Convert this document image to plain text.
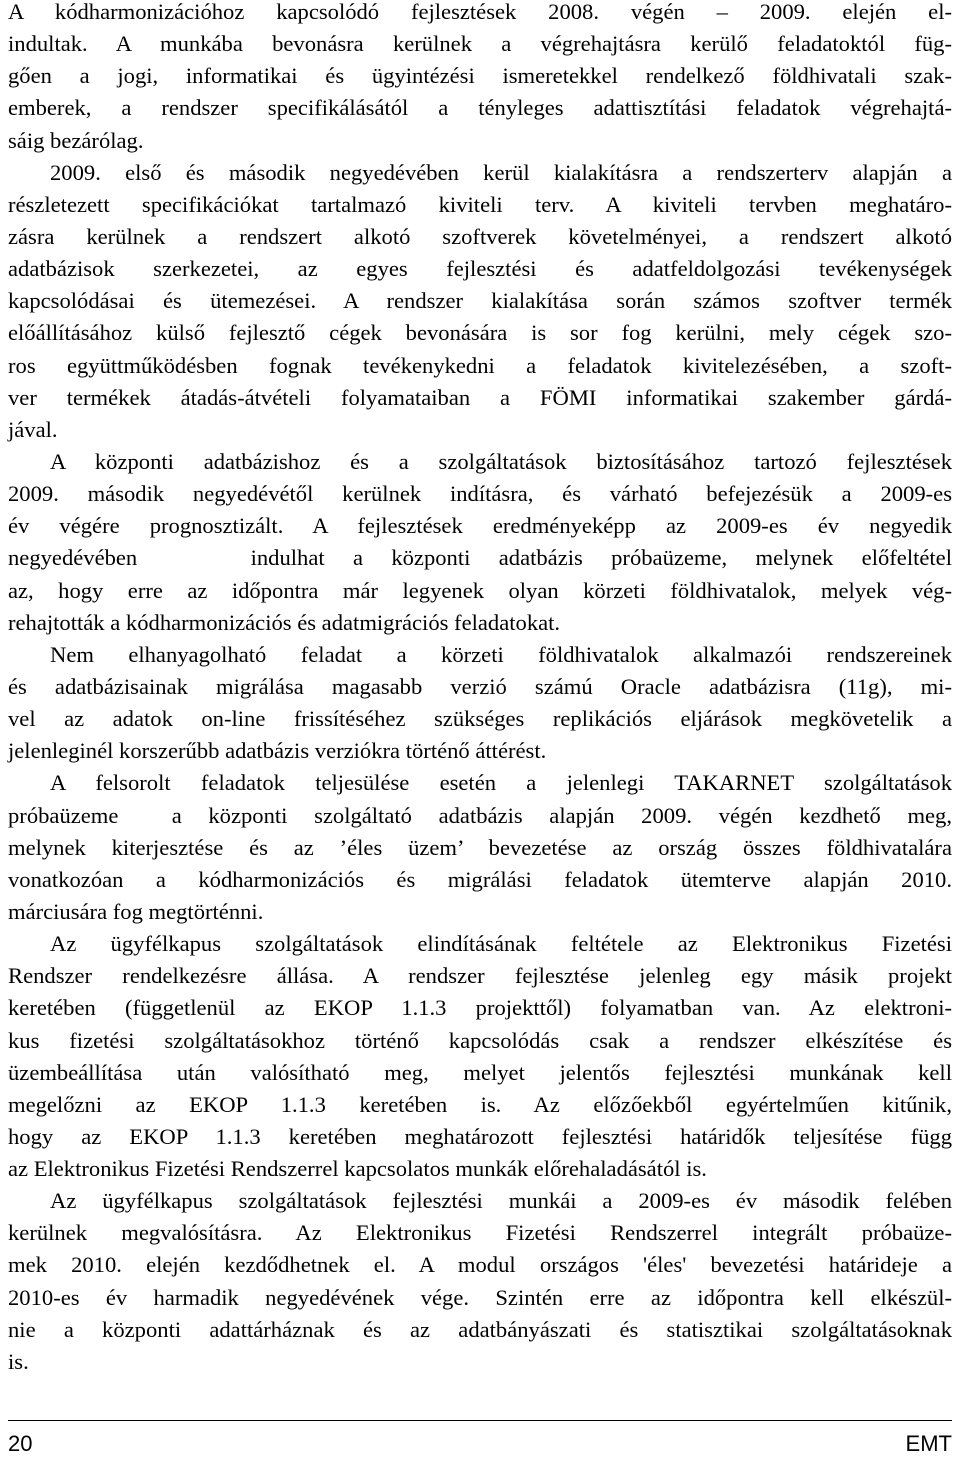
A kódharmonizációhoz kapcsolódó fejlesztések 2008. végén – 2009. elején el-
indultak. A munkába bevonásra kerülnek a végrehajtásra kerülő feladatoktól füg-
gően a jogi, informatikai és ügyintézési ismeretekkel rendelkező földhivatali szak-
emberek, a rendszer specifikálásától a tényleges adattisztítási feladatok végrehajtá-
sáig bezárólag.
2009. első és második negyedévében kerül kialakításra a rendszerterv alapján a
részletezett specifikációkat tartalmazó kiviteli terv. A kiviteli tervben meghatáro-
zásra kerülnek a rendszert alkotó szoftverek követelményei, a rendszert alkotó
adatbázisok szerkezetei, az egyes fejlesztési és adatfeldolgozási tevékenységek
kapcsolódásai és ütemezései. A rendszer kialakítása során számos szoftver termék
előállításához külső fejlesztő cégek bevonására is sor fog kerülni, mely cégek szo-
ros együttműködésben fognak tevékenykedni a feladatok kivitelezésében, a szoft-
ver termékek átadás-átvételi folyamataiban a FÖMI informatikai szakember gárdá-
jával.
A központi adatbázishoz és a szolgáltatások biztosításához tartozó fejlesztések
2009. második negyedévétől kerülnek indításra, és várható befejezésük a 2009-es
év végére prognosztizált. A fejlesztések eredményeképp az 2009-es év negyedik
negyedévében    indulhat a központi adatbázis próbaüzeme, melynek előfeltétel
az, hogy erre az időpontra már legyenek olyan körzeti földhivatalok, melyek vég-
rehajtották a kódharmonizációs és adatmigrációs feladatokat.
Nem elhanyagolható feladat a körzeti földhivatalok alkalmazói rendszereinek
és adatbázisainak migrálása magasabb verzió számú Oracle adatbázisra (11g), mi-
vel az adatok on-line frissítéséhez szükséges replikációs eljárások megkövetelik a
jelenleginél korszerűbb adatbázis verziókra történő áttérést.
A felsorolt feladatok teljesülése esetén a jelenlegi TAKARNET szolgáltatások
próbaüzeme  a központi szolgáltató adatbázis alapján 2009. végén kezdhető meg,
melynek kiterjesztése és az ’éles üzem’ bevezetése az ország összes földhivatalára
vonatkozóan a kódharmonizációs és migrálási feladatok ütemterve alapján 2010.
márciusára fog megtörténni.
Az ügyfélkapus szolgáltatások elindításának feltétele az Elektronikus Fizetési
Rendszer rendelkezésre állása. A rendszer fejlesztése jelenleg egy másik projekt
keretében (függetlenül az EKOP 1.1.3 projekttől) folyamatban van. Az elektroni-
kus fizetési szolgáltatásokhoz történő kapcsolódás csak a rendszer elkészítése és
üzembeállítása után valósítható meg, melyet jelentős fejlesztési munkának kell
megelőzni az EKOP 1.1.3 keretében is. Az előzőekből egyértelműen kitűnik,
hogy az EKOP 1.1.3 keretében meghatározott fejlesztési határidők teljesítése függ
az Elektronikus Fizetési Rendszerrel kapcsolatos munkák előrehaladásától is.
Az ügyfélkapus szolgáltatások fejlesztési munkái a 2009-es év második felében
kerülnek megvalósításra. Az Elektronikus Fizetési Rendszerrel integrált próbaüze-
mek 2010. elején kezdődhetnek el. A modul országos 'éles' bevezetési határideje a
2010-es év harmadik negyedévének vége. Szintén erre az időpontra kell elkészül-
nie a központi adattárháznak és az adatbányászati és statisztikai szolgáltatásoknak
is.
20	EMT
